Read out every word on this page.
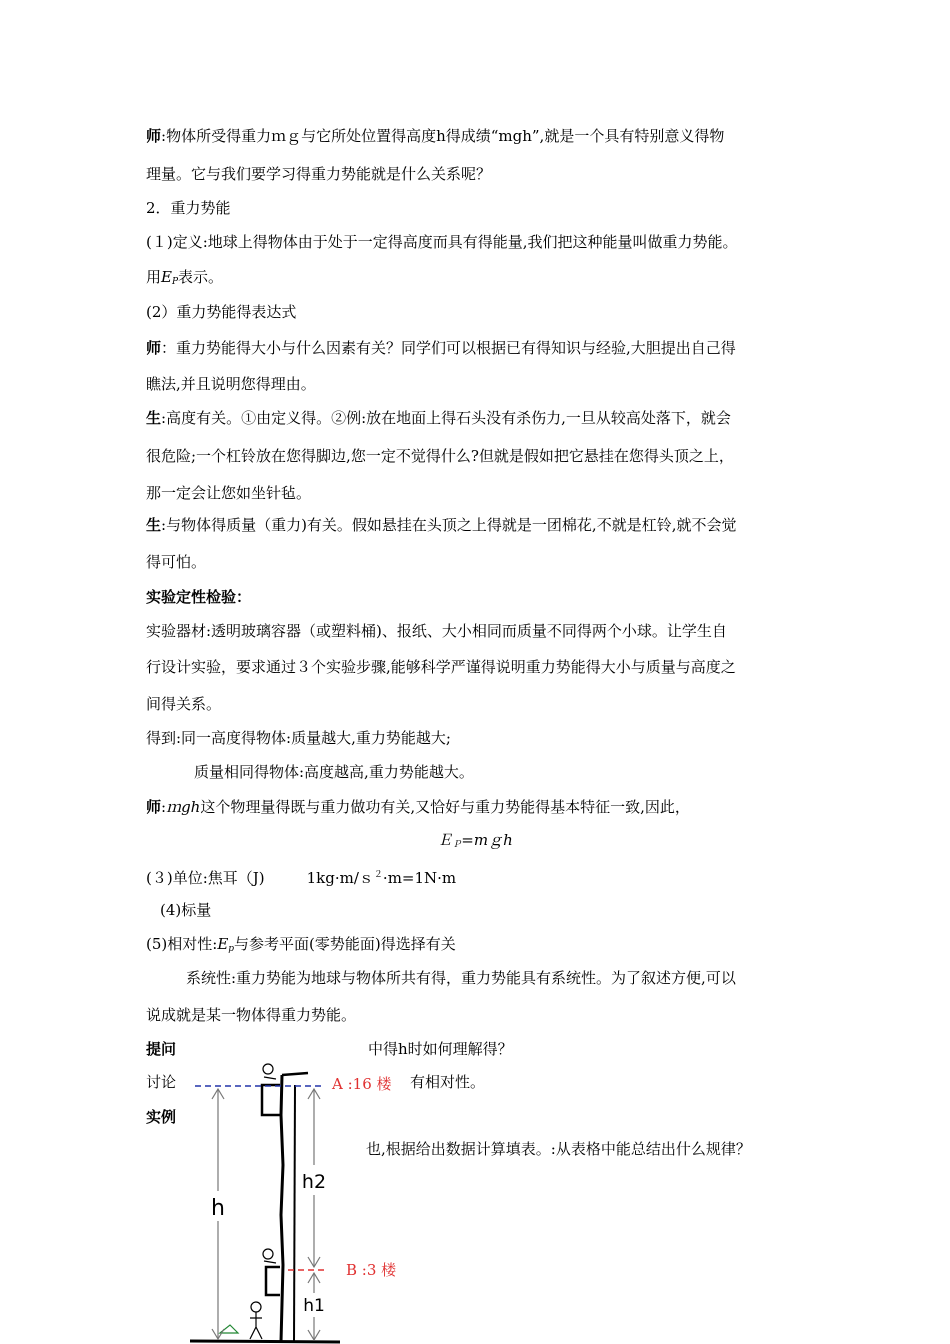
师:物体所受得重力ｍｇ与它所处位置得高度h得成绩“mgh”,就是一个具有特别意义得物
理量。它与我们要学习得重力势能就是什么关系呢？
2．重力势能
(１)定义:地球上得物体由于处于一定得高度而具有得能量,我们把这种能量叫做重力势能。
用$E_P$表示。
(2）重力势能得表达式
师：重力势能得大小与什么因素有关？同学们可以根据已有得知识与经验,大胆提出自己得
瞧法,并且说明您得理由。
生:高度有关。①由定义得。②例:放在地面上得石头没有杀伤力,一旦从较高处落下，就会
很危险;一个杠铃放在您得脚边,您一定不觉得什么?但就是假如把它悬挂在您得头顶之上，
那一定会让您如坐针毡。
生:与物体得质量（重力)有关。假如悬挂在头顶之上得就是一团棉花,不就是杠铃,就不会觉
得可怕。
实验定性检验：
实验器材:透明玻璃容器（或塑料桶)、报纸、大小相同而质量不同得两个小球。让学生自
行设计实验，要求通过３个实验步骤,能够科学严谨得说明重力势能得大小与质量与高度之
间得关系。
得到:同一高度得物体:质量越大,重力势能越大;
质量相同得物体:高度越高,重力势能越大。
师:ｍgh这个物理量得既与重力做功有关,又恰好与重力势能得基本特征一致,因此，
Ｅ$_P$=mｇh
(３)单位:焦耳（J)	1kg·m/ｓ$^2$·m=1N·m
(4)标量
(5)相对性$:E_p$与参考平面(零势能面)得选择有关
系统性:重力势能为地球与物体所共有得，重力势能具有系统性。为了叙述方便,可以
说成就是某一物体得重力势能。
提问	中得h时如何理解得？
讨论	有相对性。
实例
也,根据给出数据计算填表。:从表格中能总结出什么规律？
h
h2
h1
A :16 楼
B :3 楼
